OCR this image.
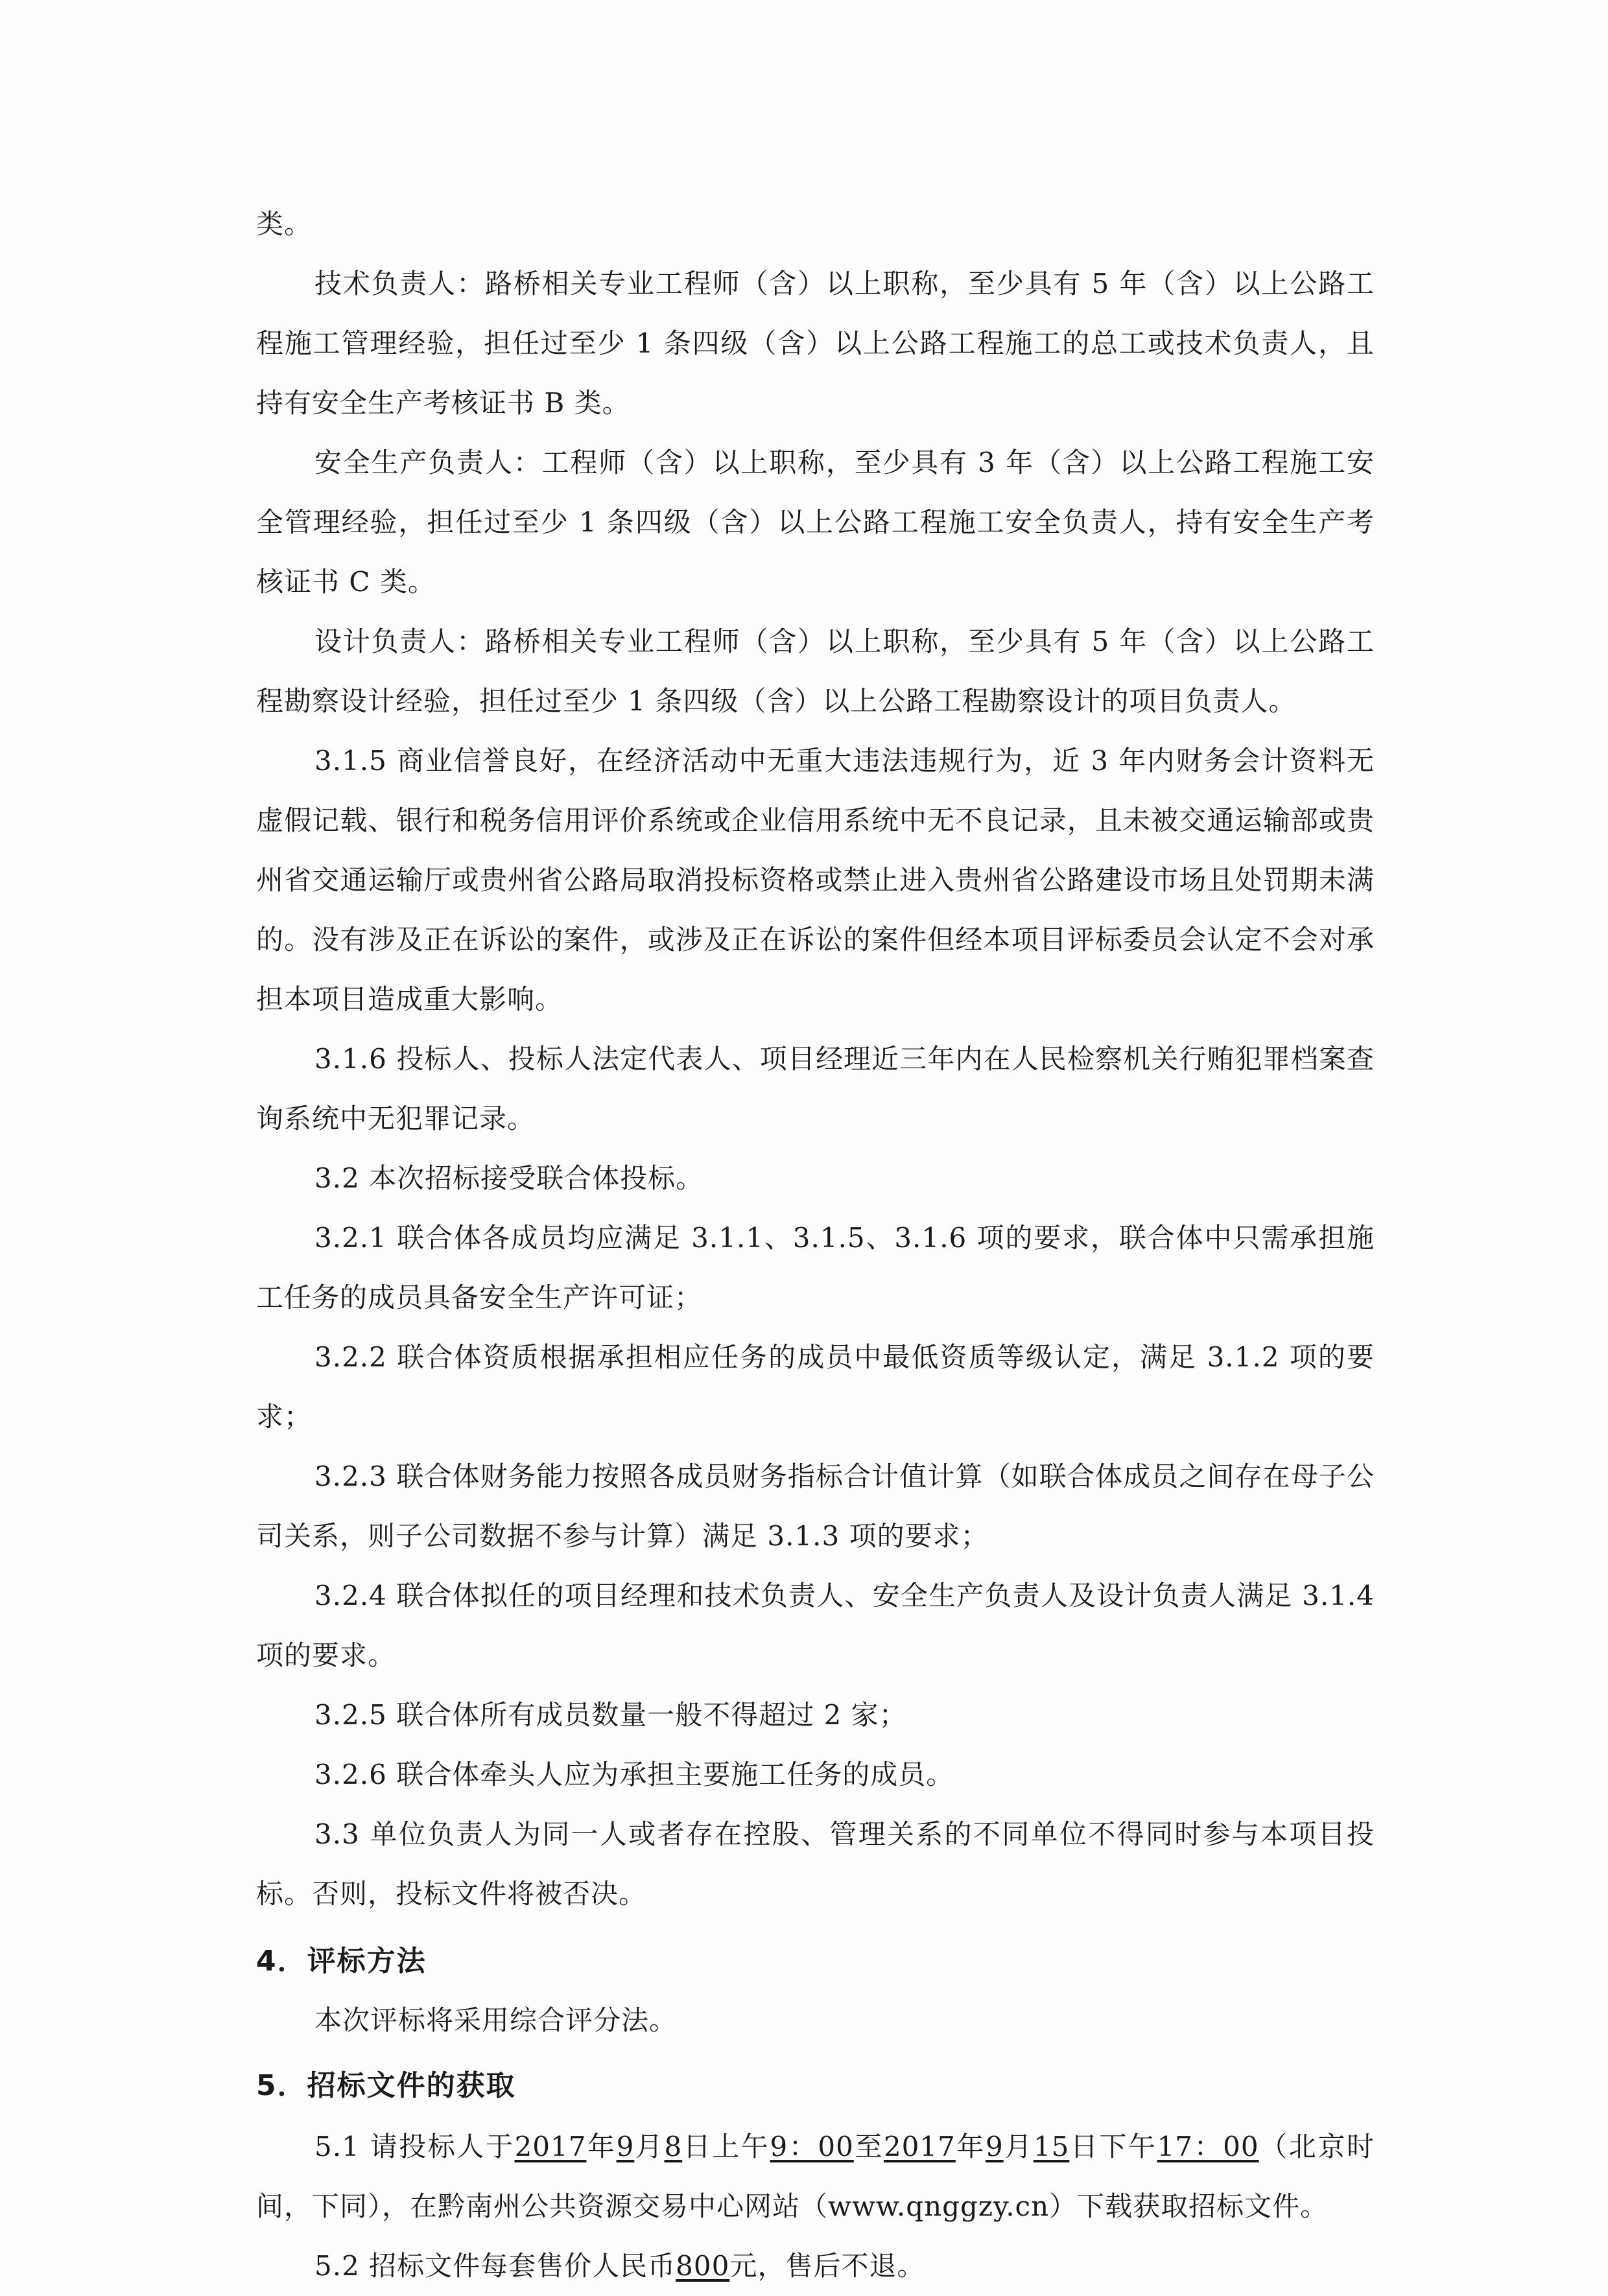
类。

技术负责人：路桥相关专业工程师（含）以上职称，至少具有 5 年（含）以上公路工程施工管理经验，担任过至少 1 条四级（含）以上公路工程施工的总工或技术负责人，且持有安全生产考核证书 B 类。

安全生产负责人：工程师（含）以上职称，至少具有 3 年（含）以上公路工程施工安全管理经验，担任过至少 1 条四级（含）以上公路工程施工安全负责人，持有安全生产考核证书 C 类。

设计负责人：路桥相关专业工程师（含）以上职称，至少具有 5 年（含）以上公路工程勘察设计经验，担任过至少 1 条四级（含）以上公路工程勘察设计的项目负责人。

3.1.5 商业信誉良好，在经济活动中无重大违法违规行为，近 3 年内财务会计资料无虚假记载、银行和税务信用评价系统或企业信用系统中无不良记录，且未被交通运输部或贵州省交通运输厅或贵州省公路局取消投标资格或禁止进入贵州省公路建设市场且处罚期未满的。没有涉及正在诉讼的案件，或涉及正在诉讼的案件但经本项目评标委员会认定不会对承担本项目造成重大影响。

3.1.6 投标人、投标人法定代表人、项目经理近三年内在人民检察机关行贿犯罪档案查询系统中无犯罪记录。

3.2 本次招标接受联合体投标。

3.2.1 联合体各成员均应满足 3.1.1、3.1.5、3.1.6 项的要求，联合体中只需承担施工任务的成员具备安全生产许可证；

3.2.2 联合体资质根据承担相应任务的成员中最低资质等级认定，满足 3.1.2 项的要求；

3.2.3 联合体财务能力按照各成员财务指标合计值计算（如联合体成员之间存在母子公司关系，则子公司数据不参与计算）满足 3.1.3 项的要求；

3.2.4 联合体拟任的项目经理和技术负责人、安全生产负责人及设计负责人满足 3.1.4 项的要求。

3.2.5 联合体所有成员数量一般不得超过 2 家；

3.2.6 联合体牵头人应为承担主要施工任务的成员。

3.3 单位负责人为同一人或者存在控股、管理关系的不同单位不得同时参与本项目投标。否则，投标文件将被否决。

4．评标方法

本次评标将采用综合评分法。

5．招标文件的获取

5.1 请投标人于2017年9月8日上午9：00至2017年9月15日下午17：00（北京时间，下同），在黔南州公共资源交易中心网站（www.qnggzy.cn）下载获取招标文件。

5.2 招标文件每套售价人民币800元，售后不退。
